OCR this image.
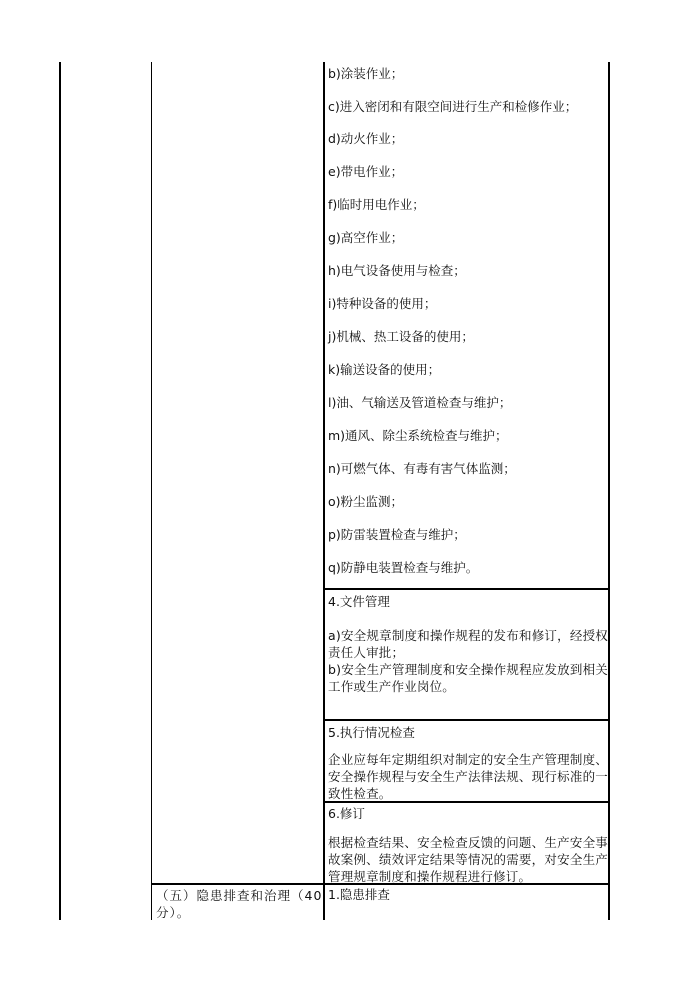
b)涂装作业；
c)进入密闭和有限空间进行生产和检修作业；
d)动火作业；
e)带电作业；
f)临时用电作业；
g)高空作业；
h)电气设备使用与检查；
i)特种设备的使用；
j)机械、热工设备的使用；
k)输送设备的使用；
l)油、气输送及管道检查与维护；
m)通风、除尘系统检查与维护；
n)可燃气体、有毒有害气体监测；
o)粉尘监测；
p)防雷装置检查与维护；
q)防静电装置检查与维护。
4.文件管理
a)安全规章制度和操作规程的发布和修订，经授权责任人审批；
b)安全生产管理制度和安全操作规程应发放到相关工作或生产作业岗位。
5.执行情况检查
企业应每年定期组织对制定的安全生产管理制度、安全操作规程与安全生产法律法规、现行标准的一致性检查。
6.修订
根据检查结果、安全检查反馈的问题、生产安全事故案例、绩效评定结果等情况的需要，对安全生产管理规章制度和操作规程进行修订。
（五）隐患排查和治理（40分）。
1.隐患排查
